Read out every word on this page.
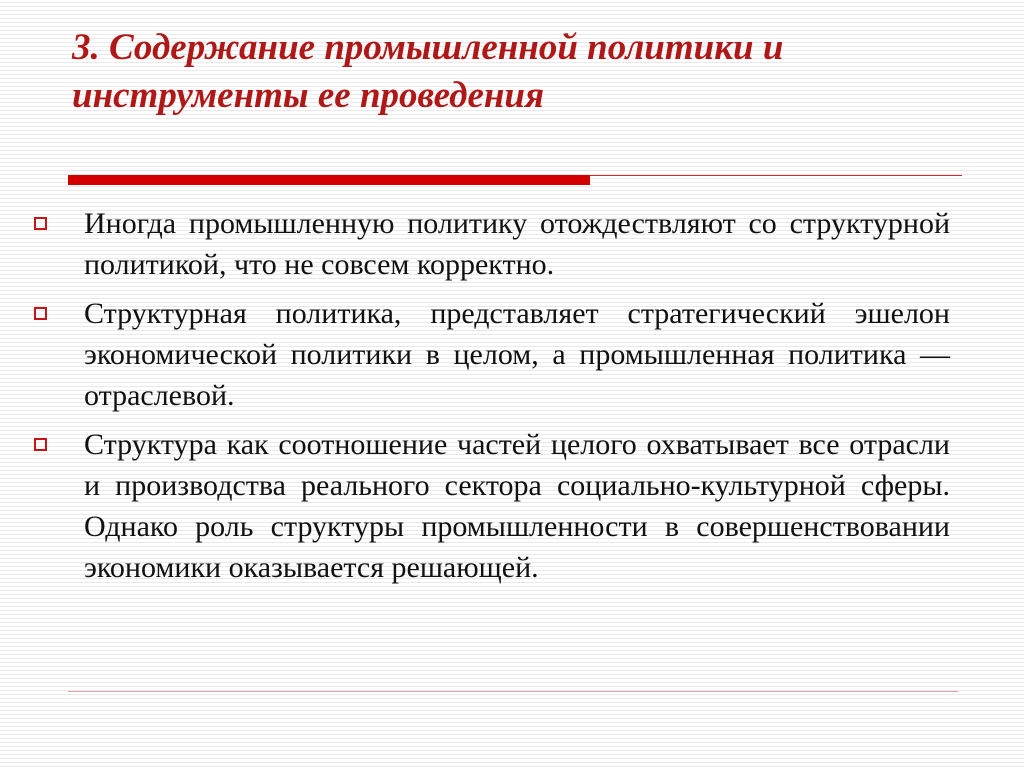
3. Содержание промышленной политики и инструменты ее проведения
Иногда промышленную политику отождествляют со структурной политикой, что не совсем корректно.
Структурная политика, представляет стратегический эшелон экономической политики в целом, а промышленная политика — отраслевой.
Структура как соотношение частей целого охватывает все отрасли и производства реального сектора социально-культурной сферы. Однако роль структуры промышленности в совершенствовании экономики оказывается решающей.
